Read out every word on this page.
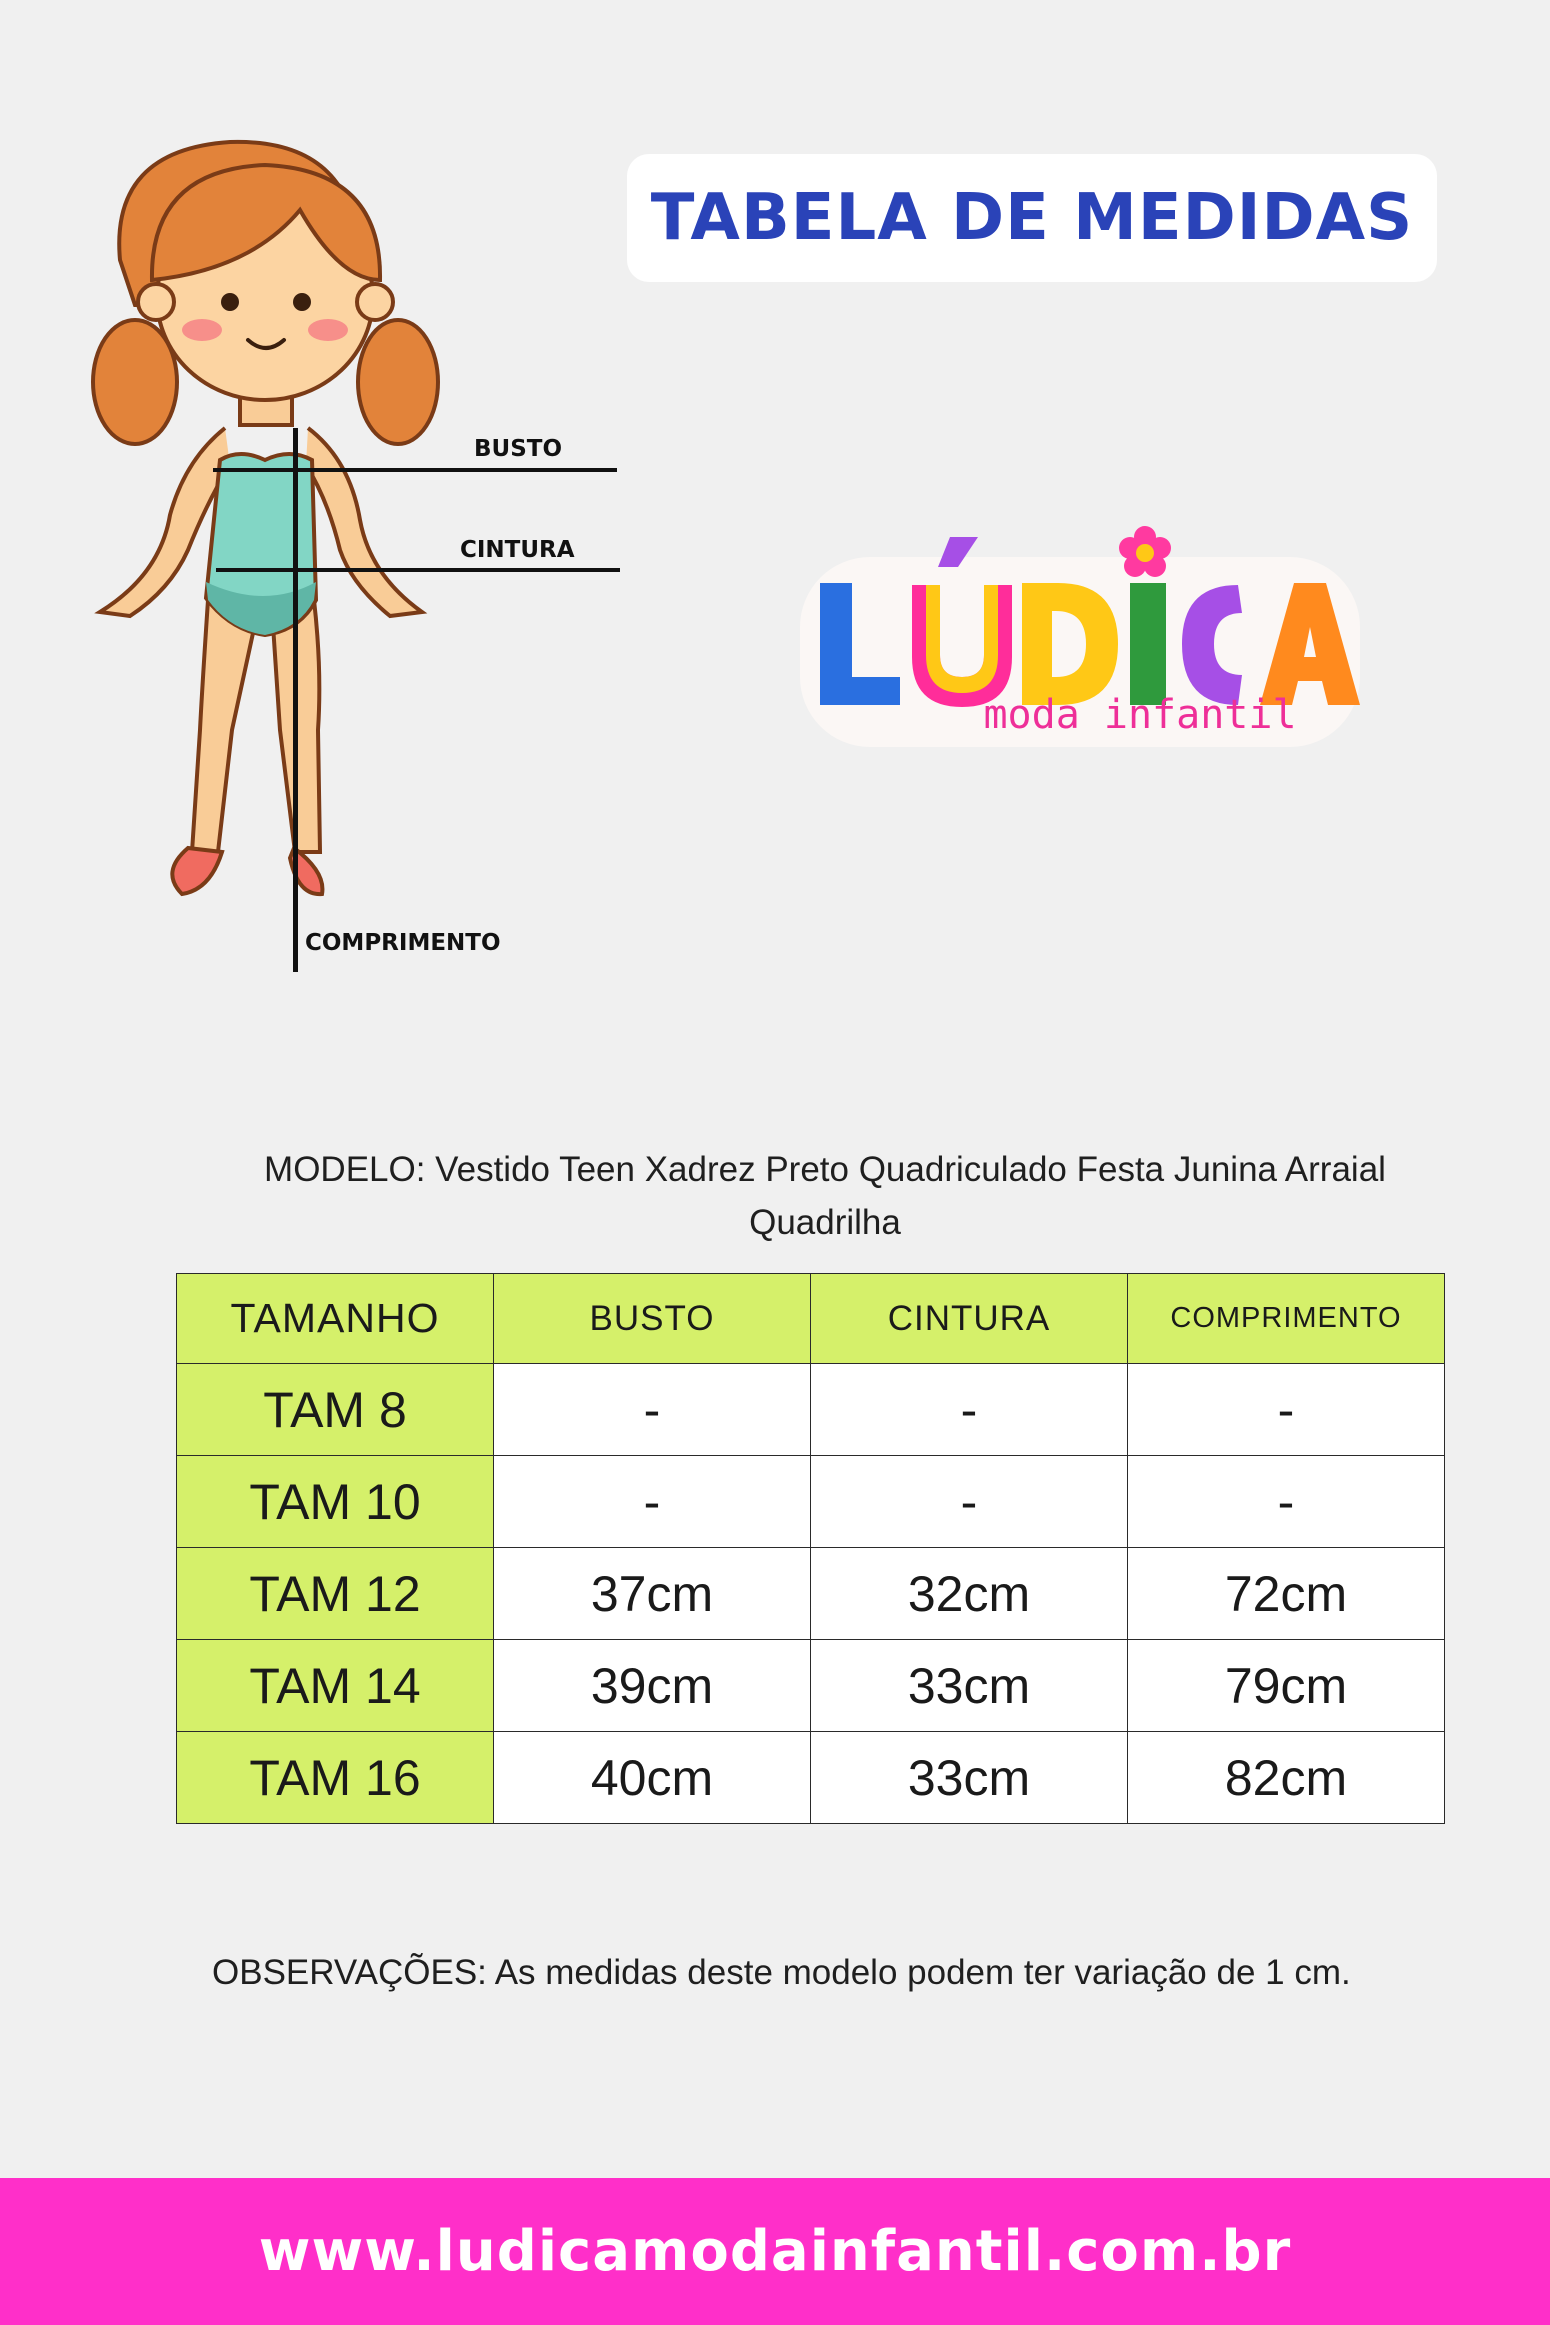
BUSTO
CINTURA
COMPRIMENTO
TABELA DE MEDIDAS
moda infantil
MODELO: Vestido Teen Xadrez Preto Quadriculado Festa Junina Arraial Quadrilha
TAMANHO	BUSTO	CINTURA	COMPRIMENTO
TAM 8	-	-	-
TAM 10	-	-	-
TAM 12	37cm	32cm	72cm
TAM 14	39cm	33cm	79cm
TAM 16	40cm	33cm	82cm
OBSERVAÇÕES: As medidas deste modelo podem ter variação de 1 cm.
www.ludicamodainfantil.com.br
